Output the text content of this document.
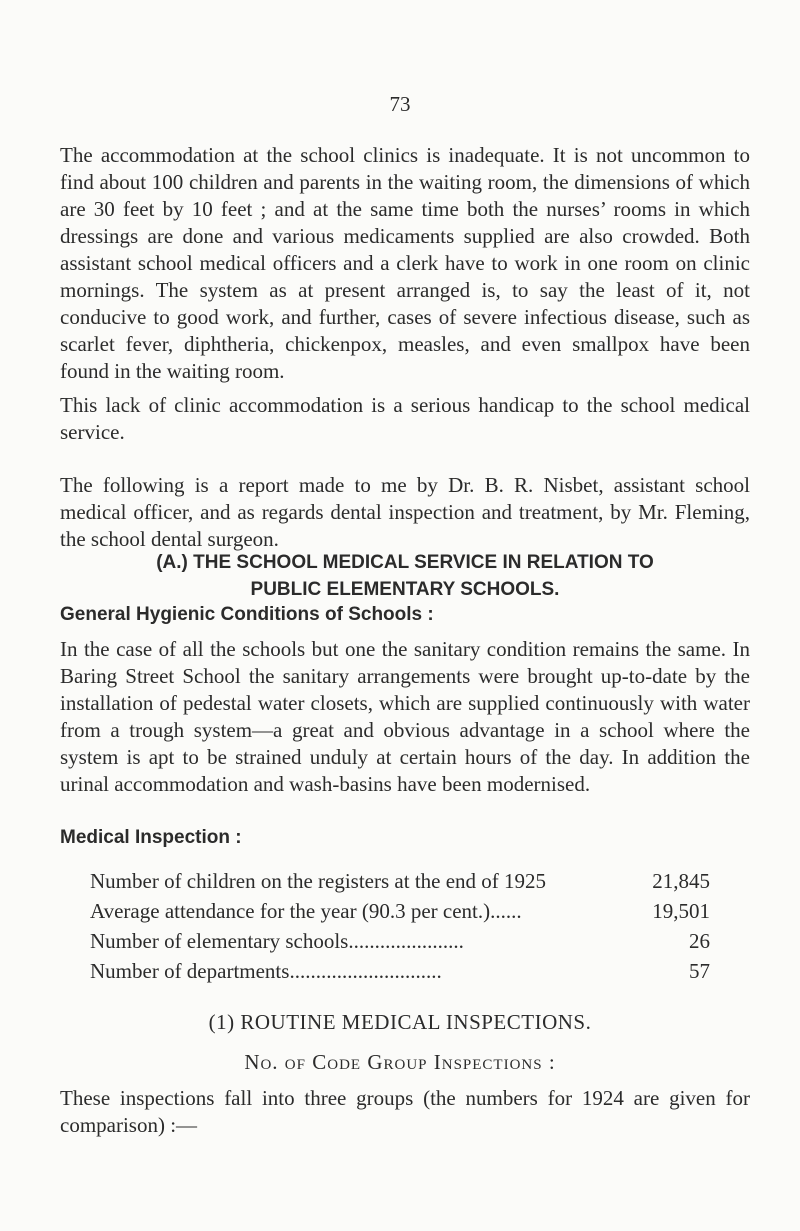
73

The accommodation at the school clinics is inadequate. It is not uncommon to find about 100 children and parents in the waiting room, the dimensions of which are 30 feet by 10 feet ; and at the same time both the nurses’ rooms in which dressings are done and various medicaments supplied are also crowded. Both assistant school medical officers and a clerk have to work in one room on clinic mornings. The system as at present arranged is, to say the least of it, not conducive to good work, and further, cases of severe infectious disease, such as scarlet fever, diphtheria, chickenpox, measles, and even smallpox have been found in the waiting room.

This lack of clinic accommodation is a serious handicap to the school medical service.

The following is a report made to me by Dr. B. R. Nisbet, assistant school medical officer, and as regards dental inspection and treatment, by Mr. Fleming, the school dental surgeon.

(A.) THE SCHOOL MEDICAL SERVICE IN RELATION TO
PUBLIC ELEMENTARY SCHOOLS.
General Hygienic Conditions of Schools :

In the case of all the schools but one the sanitary condition remains the same. In Baring Street School the sanitary arrangements were brought up-to-date by the installation of pedestal water closets, which are supplied continuously with water from a trough system—a great and obvious advantage in a school where the system is apt to be strained unduly at certain hours of the day. In addition the urinal accommodation and wash-basins have been modernised.

Medical Inspection :
Number of children on the registers at the end of 1925	21,845
Average attendance for the year (90.3 per cent.)......	19,501
Number of elementary schools......................	26
Number of departments.............................	57
(1) ROUTINE MEDICAL INSPECTIONS.
No. of Code Group Inspections :

These inspections fall into three groups (the numbers for 1924 are given for comparison) :—
